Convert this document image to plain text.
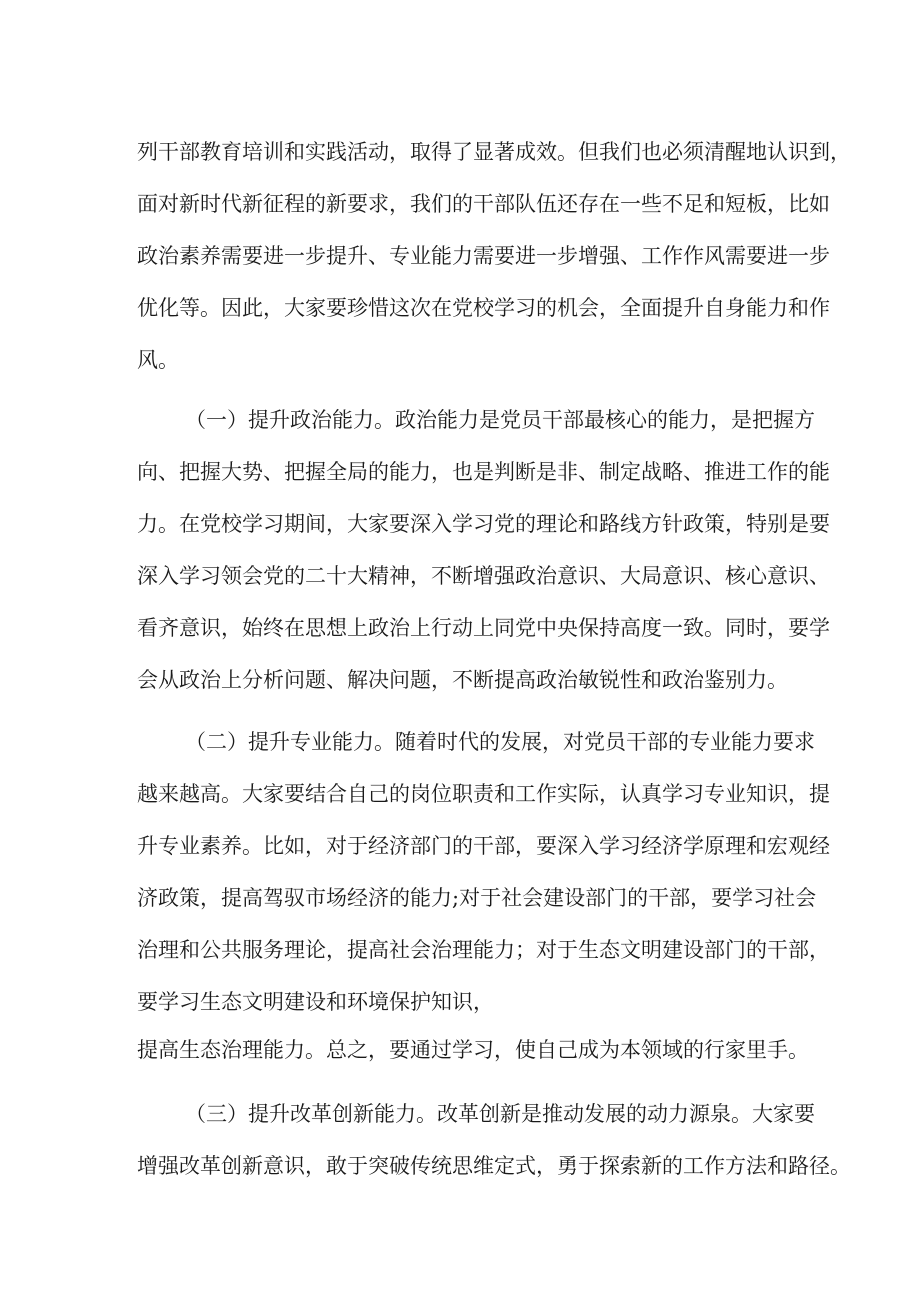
列干部教育培训和实践活动，取得了显著成效。但我们也必须清醒地认识到，
面对新时代新征程的新要求，我们的干部队伍还存在一些不足和短板，比如
政治素养需要进一步提升、专业能力需要进一步增强、工作作风需要进一步
优化等。因此，大家要珍惜这次在党校学习的机会，全面提升自身能力和作
风。
（一）提升政治能力。政治能力是党员干部最核心的能力，是把握方
向、把握大势、把握全局的能力，也是判断是非、制定战略、推进工作的能
力。在党校学习期间，大家要深入学习党的理论和路线方针政策，特别是要
深入学习领会党的二十大精神，不断增强政治意识、大局意识、核心意识、
看齐意识，始终在思想上政治上行动上同党中央保持高度一致。同时，要学
会从政治上分析问题、解决问题，不断提高政治敏锐性和政治鉴别力。
（二）提升专业能力。随着时代的发展，对党员干部的专业能力要求
越来越高。大家要结合自己的岗位职责和工作实际，认真学习专业知识，提
升专业素养。比如，对于经济部门的干部，要深入学习经济学原理和宏观经
济政策，提高驾驭市场经济的能力;对于社会建设部门的干部，要学习社会
治理和公共服务理论，提高社会治理能力；对于生态文明建设部门的干部，
要学习生态文明建设和环境保护知识，
提高生态治理能力。总之，要通过学习，使自己成为本领域的行家里手。
（三）提升改革创新能力。改革创新是推动发展的动力源泉。大家要
增强改革创新意识，敢于突破传统思维定式，勇于探索新的工作方法和路径。
